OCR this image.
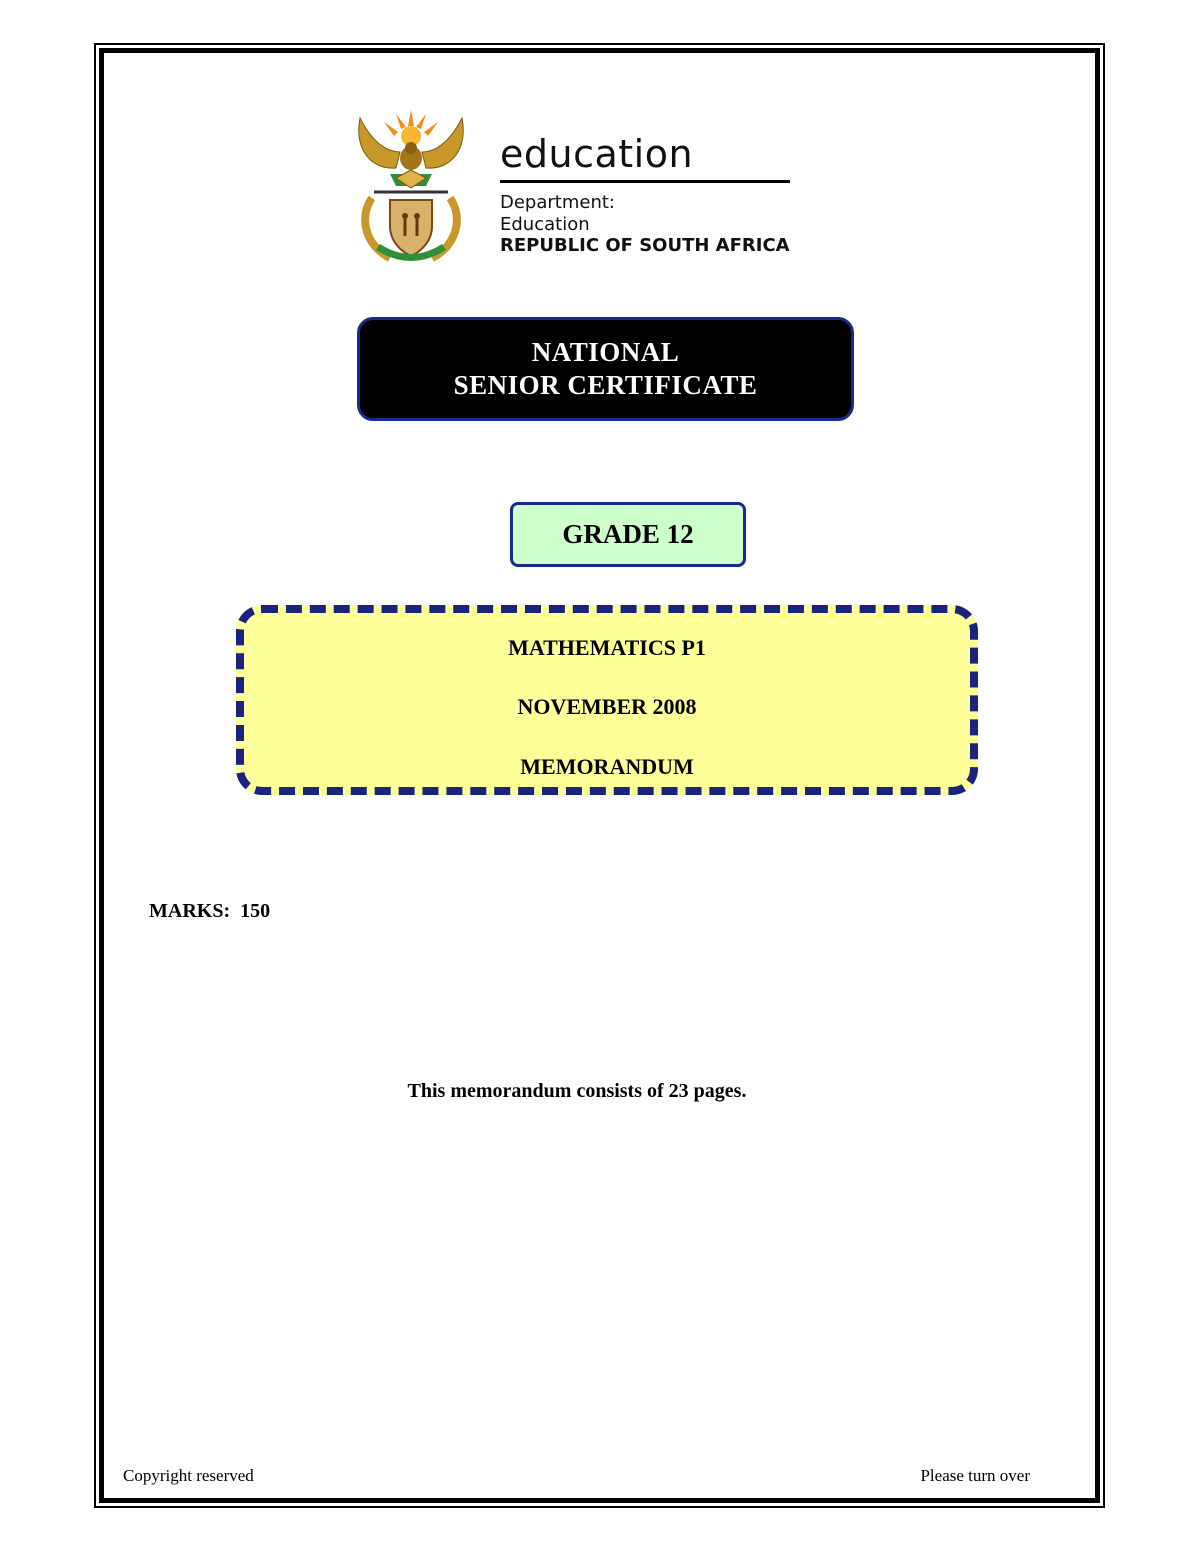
education
Department:
Education
REPUBLIC OF SOUTH AFRICA
NATIONAL
SENIOR CERTIFICATE
GRADE 12
MATHEMATICS P1
NOVEMBER 2008
MEMORANDUM
MARKS:  150
This memorandum consists of 23 pages.
Copyright reserved	Please turn over
